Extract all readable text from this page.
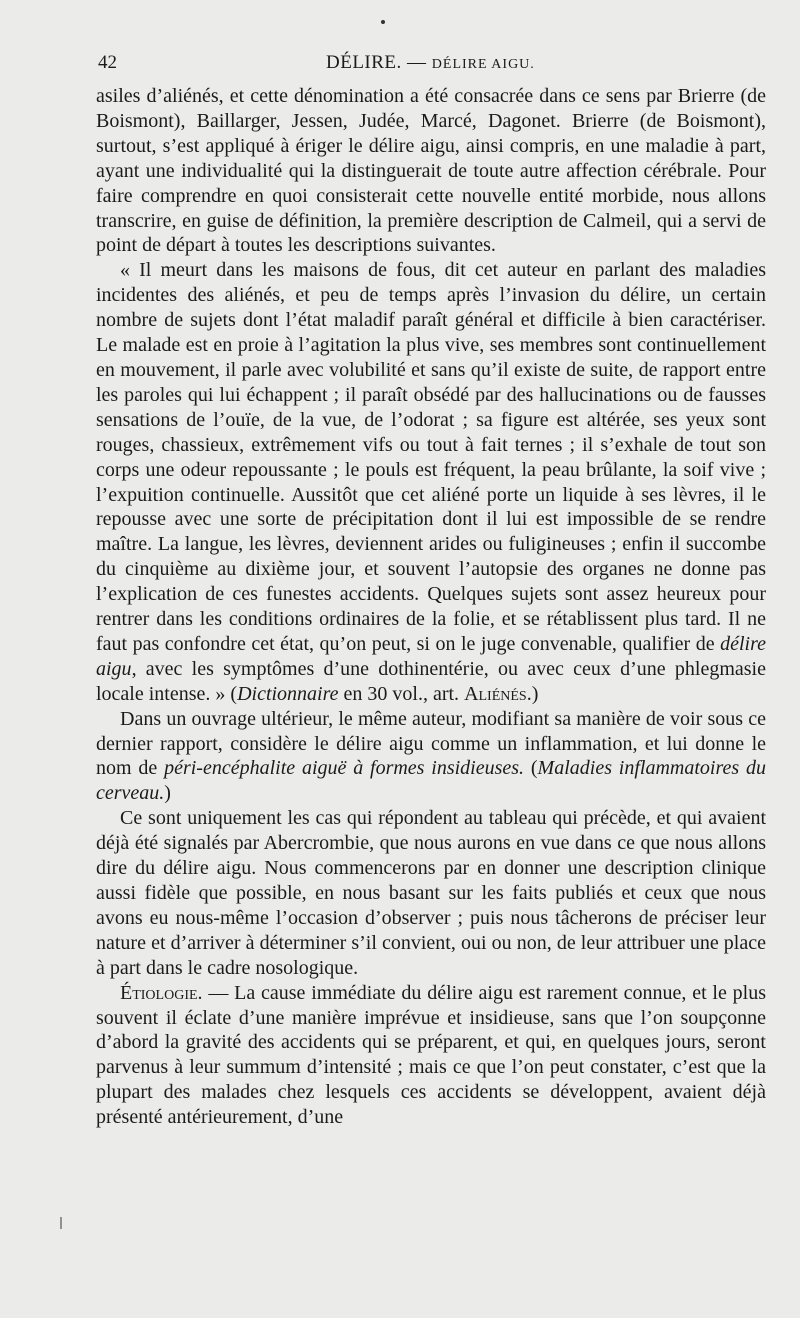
42	DÉLIRE. — DÉLIRE AIGU.

asiles d’aliénés, et cette dénomination a été consacrée dans ce sens par Brierre (de Boismont), Baillarger, Jessen, Judée, Marcé, Dagonet. Brierre (de Boismont), surtout, s’est appliqué à ériger le délire aigu, ainsi compris, en une maladie à part, ayant une individualité qui la distinguerait de toute autre affection cérébrale. Pour faire comprendre en quoi consisterait cette nouvelle entité morbide, nous allons transcrire, en guise de définition, la première description de Calmeil, qui a servi de point de départ à toutes les descriptions suivantes.

« Il meurt dans les maisons de fous, dit cet auteur en parlant des maladies incidentes des aliénés, et peu de temps après l’invasion du délire, un certain nombre de sujets dont l’état maladif paraît général et difficile à bien caractériser. Le malade est en proie à l’agitation la plus vive, ses membres sont continuellement en mouvement, il parle avec volubilité et sans qu’il existe de suite, de rapport entre les paroles qui lui échappent ; il paraît obsédé par des hallucinations ou de fausses sensations de l’ouïe, de la vue, de l’odorat ; sa figure est altérée, ses yeux sont rouges, chassieux, extrêmement vifs ou tout à fait ternes ; il s’exhale de tout son corps une odeur repoussante ; le pouls est fréquent, la peau brûlante, la soif vive ; l’expuition continuelle. Aussitôt que cet aliéné porte un liquide à ses lèvres, il le repousse avec une sorte de précipitation dont il lui est impossible de se rendre maître. La langue, les lèvres, deviennent arides ou fuligineuses ; enfin il succombe du cinquième au dixième jour, et souvent l’autopsie des organes ne donne pas l’explication de ces funestes accidents. Quelques sujets sont assez heureux pour rentrer dans les conditions ordinaires de la folie, et se rétablissent plus tard. Il ne faut pas confondre cet état, qu’on peut, si on le juge convenable, qualifier de délire aigu, avec les symptômes d’une dothinentérie, ou avec ceux d’une phlegmasie locale intense. » (Dictionnaire en 30 vol., art. Aliénés.)

Dans un ouvrage ultérieur, le même auteur, modifiant sa manière de voir sous ce dernier rapport, considère le délire aigu comme un inflammation, et lui donne le nom de péri-encéphalite aiguë à formes insidieuses. (Maladies inflammatoires du cerveau.)

Ce sont uniquement les cas qui répondent au tableau qui précède, et qui avaient déjà été signalés par Abercrombie, que nous aurons en vue dans ce que nous allons dire du délire aigu. Nous commencerons par en donner une description clinique aussi fidèle que possible, en nous basant sur les faits publiés et ceux que nous avons eu nous-même l’occasion d’observer ; puis nous tâcherons de préciser leur nature et d’arriver à déterminer s’il convient, oui ou non, de leur attribuer une place à part dans le cadre nosologique.

Étiologie. — La cause immédiate du délire aigu est rarement connue, et le plus souvent il éclate d’une manière imprévue et insidieuse, sans que l’on soupçonne d’abord la gravité des accidents qui se préparent, et qui, en quelques jours, seront parvenus à leur summum d’intensité ; mais ce que l’on peut constater, c’est que la plupart des malades chez lesquels ces accidents se développent, avaient déjà présenté antérieurement, d’une
